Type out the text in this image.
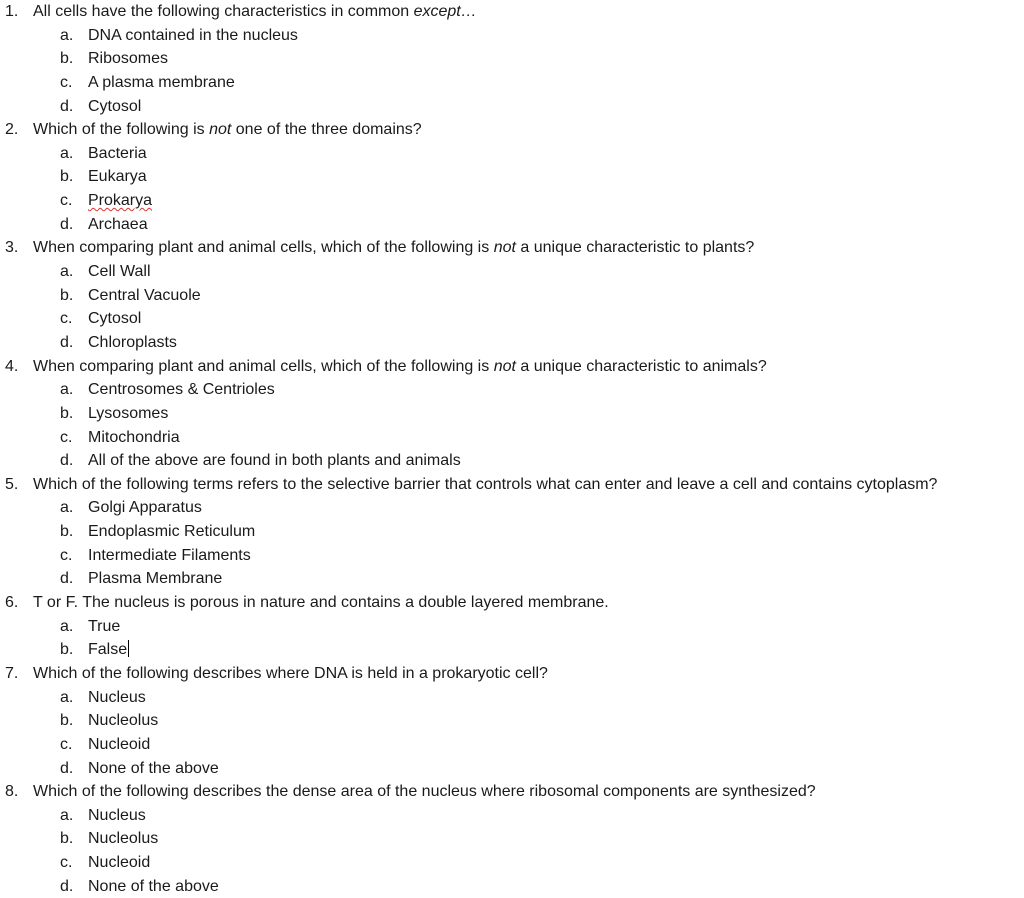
1. All cells have the following characteristics in common except…
a. DNA contained in the nucleus
b. Ribosomes
c. A plasma membrane
d. Cytosol
2. Which of the following is not one of the three domains?
a. Bacteria
b. Eukarya
c. Prokarya
d. Archaea
3. When comparing plant and animal cells, which of the following is not a unique characteristic to plants?
a. Cell Wall
b. Central Vacuole
c. Cytosol
d. Chloroplasts
4. When comparing plant and animal cells, which of the following is not a unique characteristic to animals?
a. Centrosomes & Centrioles
b. Lysosomes
c. Mitochondria
d. All of the above are found in both plants and animals
5. Which of the following terms refers to the selective barrier that controls what can enter and leave a cell and contains cytoplasm?
a. Golgi Apparatus
b. Endoplasmic Reticulum
c. Intermediate Filaments
d. Plasma Membrane
6. T or F. The nucleus is porous in nature and contains a double layered membrane.
a. True
b. False
7. Which of the following describes where DNA is held in a prokaryotic cell?
a. Nucleus
b. Nucleolus
c. Nucleoid
d. None of the above
8. Which of the following describes the dense area of the nucleus where ribosomal components are synthesized?
a. Nucleus
b. Nucleolus
c. Nucleoid
d. None of the above
